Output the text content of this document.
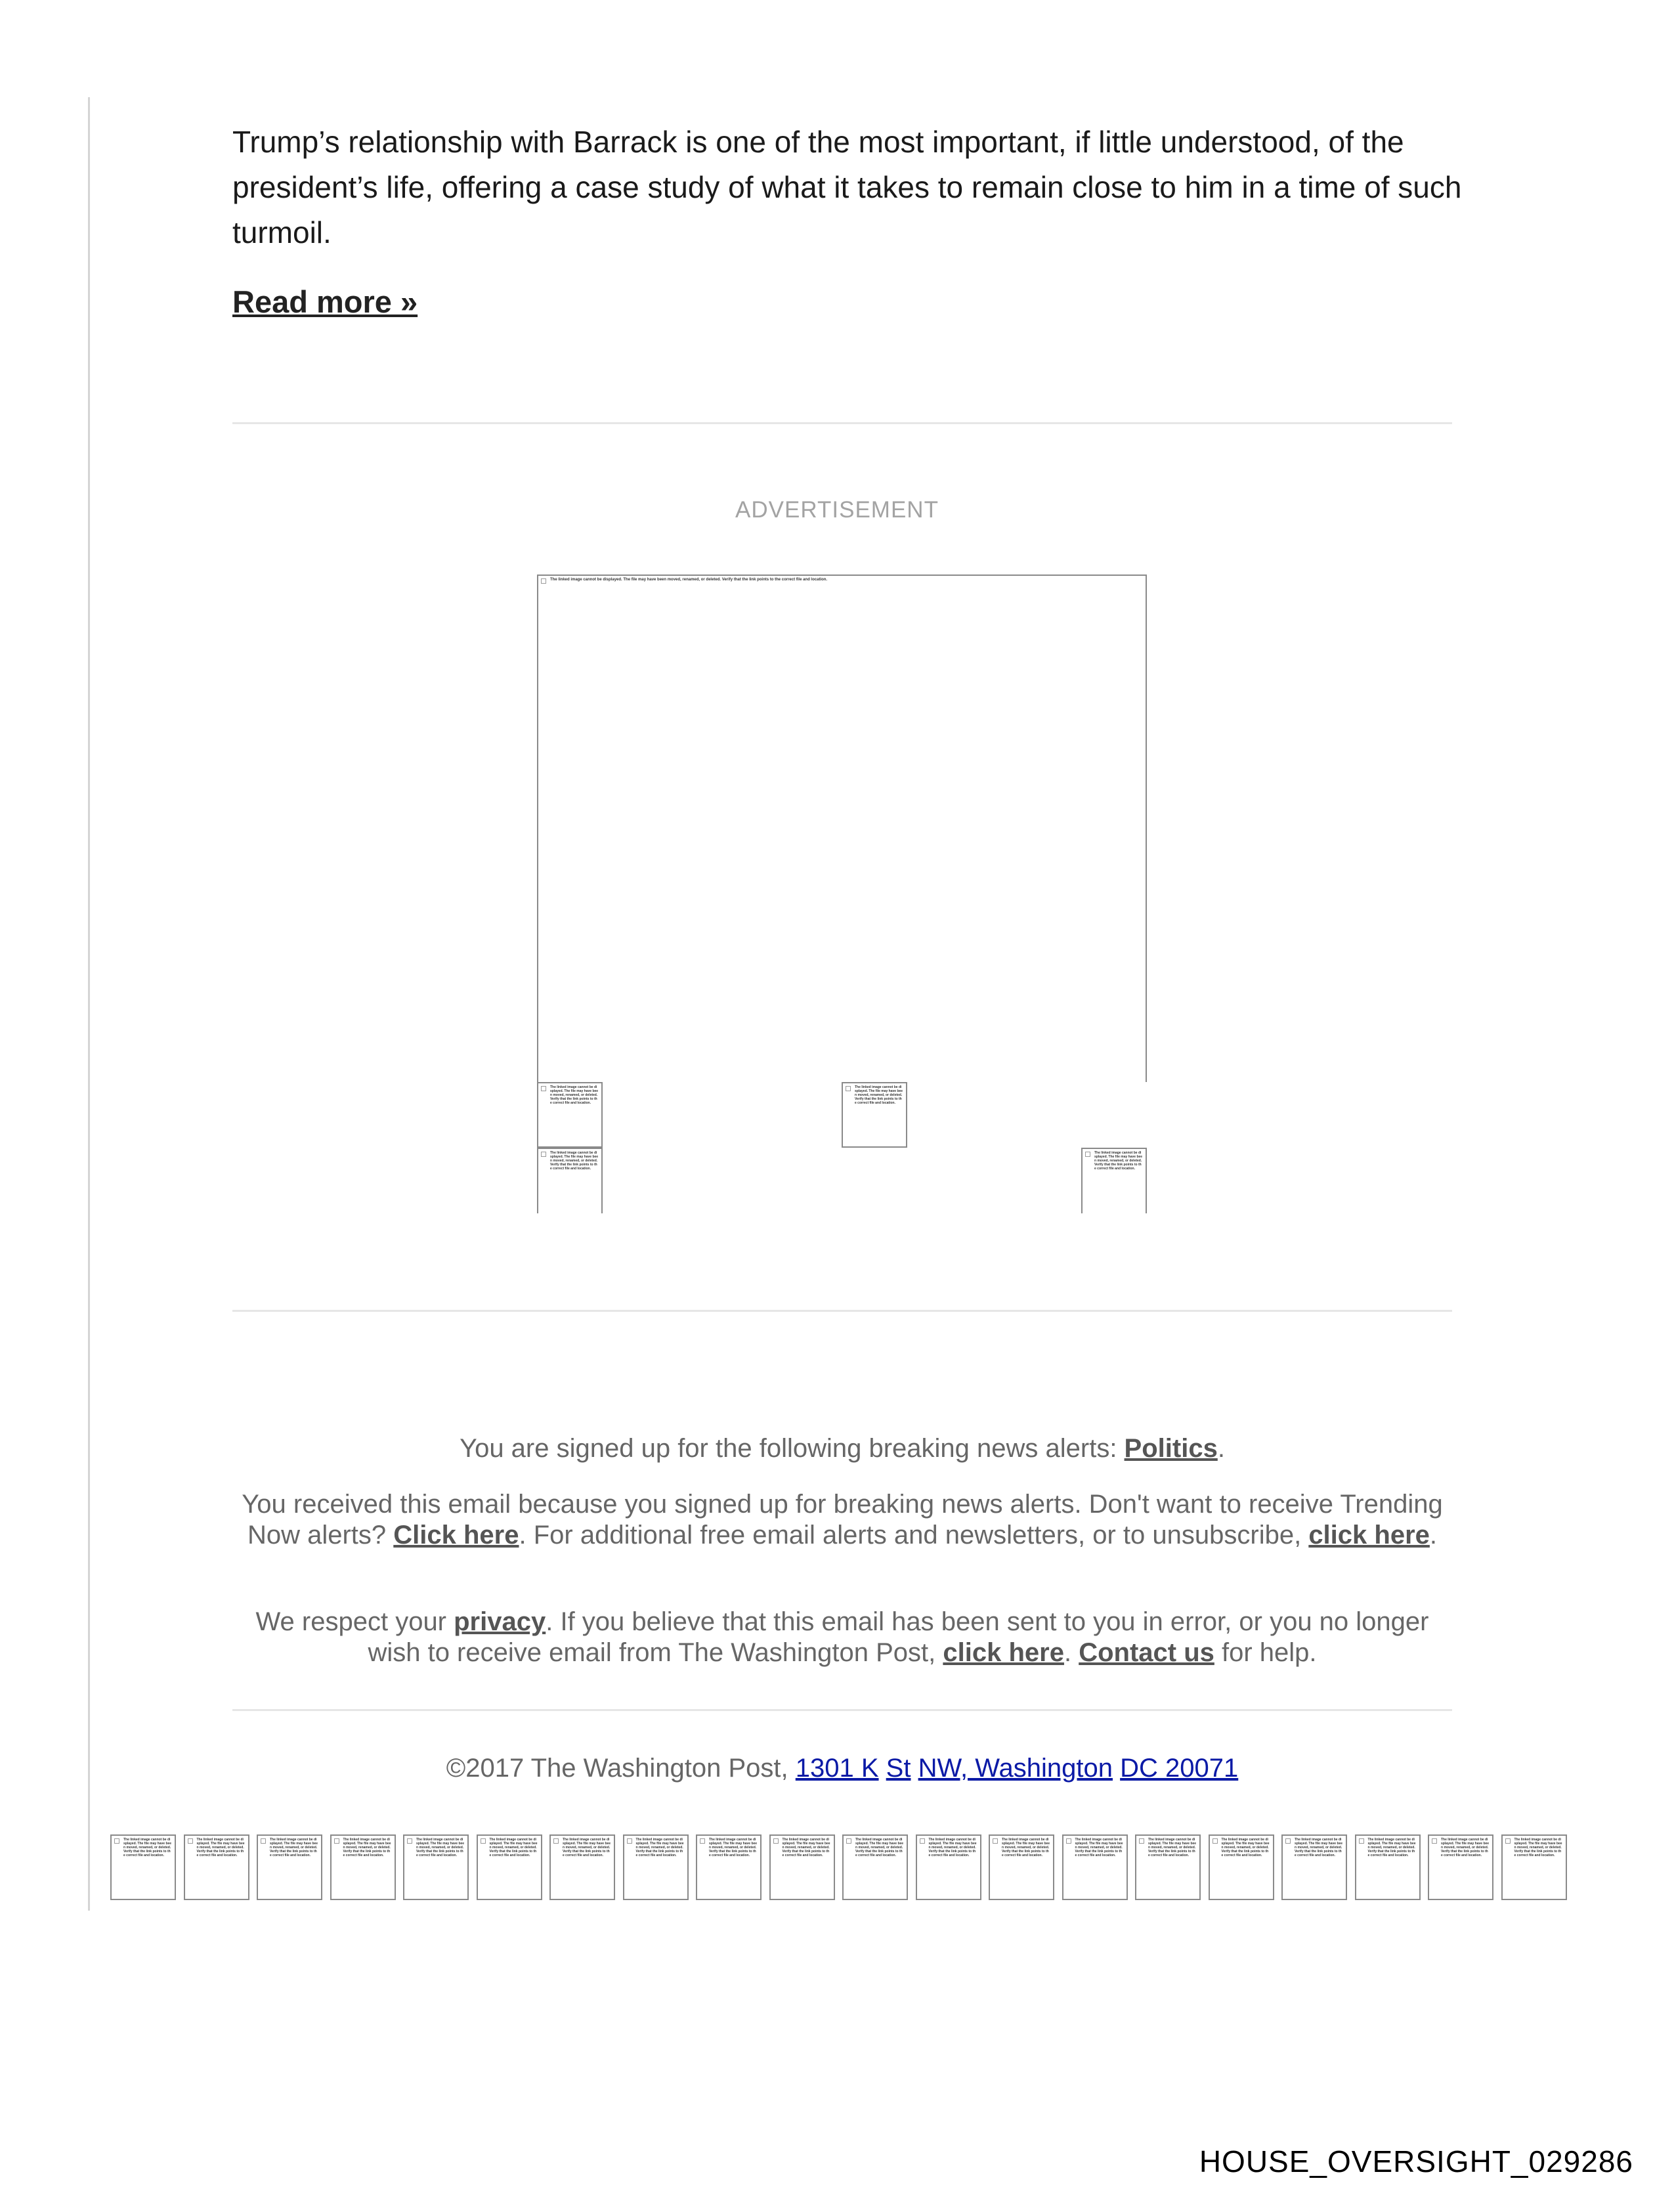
Trump’s relationship with Barrack is one of the most important, if little understood, of the president’s life, offering a case study of what it takes to remain close to him in a time of such turmoil.

Read more »
ADVERTISEMENT
The linked image cannot be displayed. The file may have been moved, renamed, or deleted. Verify that the link points to the correct file and location.
The linked image cannot be displayed. The file may have been moved, renamed, or deleted. Verify that the link points to the correct file and location.
The linked image cannot be displayed. The file may have been moved, renamed, or deleted. Verify that the link points to the correct file and location.
The linked image cannot be displayed. The file may have been moved, renamed, or deleted. Verify that the link points to the correct file and location.
The linked image cannot be displayed. The file may have been moved, renamed, or deleted. Verify that the link points to the correct file and location.

You are signed up for the following breaking news alerts: Politics.

You received this email because you signed up for breaking news alerts. Don't want to receive Trending Now alerts? Click here. For additional free email alerts and newsletters, or to unsubscribe, click here.

We respect your privacy. If you believe that this email has been sent to you in error, or you no longer wish to receive email from The Washington Post, click here. Contact us for help.

©2017 The Washington Post, 1301 K St NW, Washington DC 20071
The linked image cannot be displayed. The file may have been moved, renamed, or deleted. Verify that the link points to the correct file and location.
The linked image cannot be displayed. The file may have been moved, renamed, or deleted. Verify that the link points to the correct file and location.
The linked image cannot be displayed. The file may have been moved, renamed, or deleted. Verify that the link points to the correct file and location.
The linked image cannot be displayed. The file may have been moved, renamed, or deleted. Verify that the link points to the correct file and location.
The linked image cannot be displayed. The file may have been moved, renamed, or deleted. Verify that the link points to the correct file and location.
The linked image cannot be displayed. The file may have been moved, renamed, or deleted. Verify that the link points to the correct file and location.
The linked image cannot be displayed. The file may have been moved, renamed, or deleted. Verify that the link points to the correct file and location.
The linked image cannot be displayed. The file may have been moved, renamed, or deleted. Verify that the link points to the correct file and location.
The linked image cannot be displayed. The file may have been moved, renamed, or deleted. Verify that the link points to the correct file and location.
The linked image cannot be displayed. The file may have been moved, renamed, or deleted. Verify that the link points to the correct file and location.
The linked image cannot be displayed. The file may have been moved, renamed, or deleted. Verify that the link points to the correct file and location.
The linked image cannot be displayed. The file may have been moved, renamed, or deleted. Verify that the link points to the correct file and location.
The linked image cannot be displayed. The file may have been moved, renamed, or deleted. Verify that the link points to the correct file and location.
The linked image cannot be displayed. The file may have been moved, renamed, or deleted. Verify that the link points to the correct file and location.
The linked image cannot be displayed. The file may have been moved, renamed, or deleted. Verify that the link points to the correct file and location.
The linked image cannot be displayed. The file may have been moved, renamed, or deleted. Verify that the link points to the correct file and location.
The linked image cannot be displayed. The file may have been moved, renamed, or deleted. Verify that the link points to the correct file and location.
The linked image cannot be displayed. The file may have been moved, renamed, or deleted. Verify that the link points to the correct file and location.
The linked image cannot be displayed. The file may have been moved, renamed, or deleted. Verify that the link points to the correct file and location.
The linked image cannot be displayed. The file may have been moved, renamed, or deleted. Verify that the link points to the correct file and location.
HOUSE_OVERSIGHT_029286
